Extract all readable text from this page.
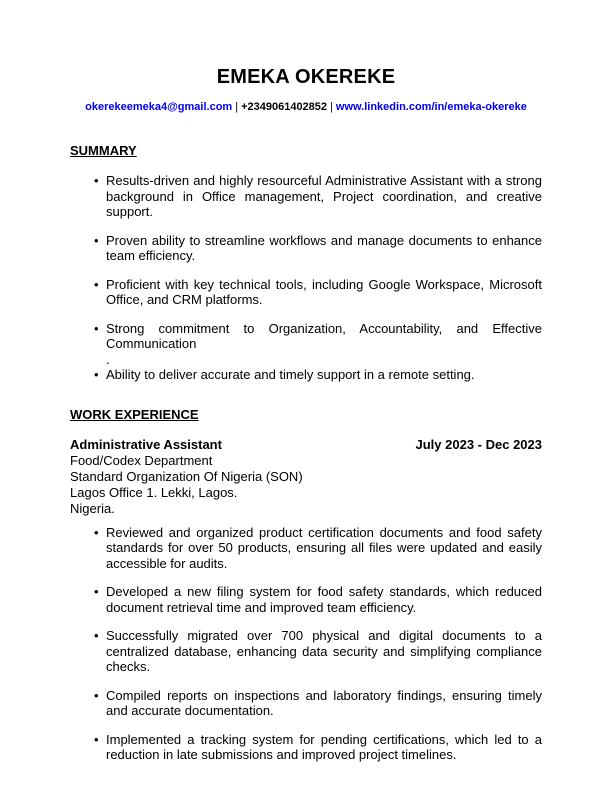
EMEKA OKEREKE
okerekeemeka4@gmail.com | +2349061402852 | www.linkedin.com/in/emeka-okereke
SUMMARY
• Results-driven and highly resourceful Administrative Assistant with a strong background in Office management, Project coordination, and creative support.
• Proven ability to streamline workflows and manage documents to enhance team efficiency.
• Proficient with key technical tools, including Google Workspace, Microsoft Office, and CRM platforms.
• Strong commitment to Organization, Accountability, and Effective Communication
.
• Ability to deliver accurate and timely support in a remote setting.
WORK EXPERIENCE
Administrative Assistant	July 2023 - Dec 2023
Food/Codex Department
Standard Organization Of Nigeria (SON)
Lagos Office 1. Lekki, Lagos.
Nigeria.
• Reviewed and organized product certification documents and food safety standards for over 50 products, ensuring all files were updated and easily accessible for audits.
• Developed a new filing system for food safety standards, which reduced document retrieval time and improved team efficiency.
• Successfully migrated over 700 physical and digital documents to a centralized database, enhancing data security and simplifying compliance checks.
• Compiled reports on inspections and laboratory findings, ensuring timely and accurate documentation.
• Implemented a tracking system for pending certifications, which led to a reduction in late submissions and improved project timelines.
